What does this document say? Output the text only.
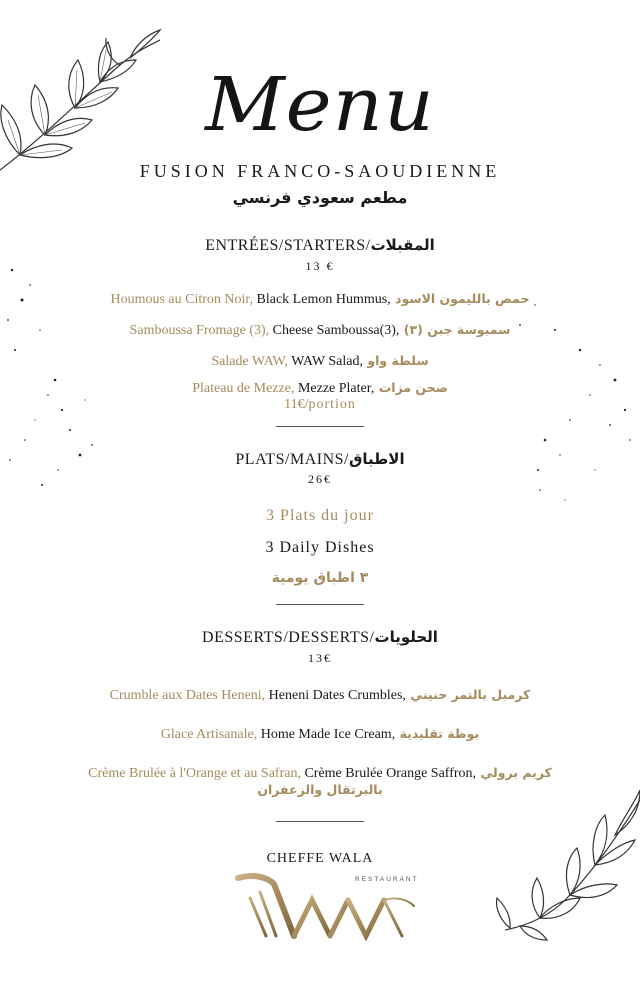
Menu
FUSION FRANCO-SAOUDIENNE
مطعم سعودي فرنسي
ENTRÉES/STARTERS/المقبلات
13 €
Houmous au Citron Noir, Black Lemon Hummus, حمص بالليمون الاسود
Samboussa Fromage (3), Cheese Samboussa(3), سمبوسة جبن (٣)
Salade WAW, WAW Salad, سلطة واو
Plateau de Mezze, Mezze Plater, صحن مزات
11€/portion
PLATS/MAINS/الاطباق
26€
3 Plats du jour
3 Daily Dishes
٣ اطباق يومية
DESSERTS/DESSERTS/الحلويات
13€
Crumble aux Dates Heneni, Heneni Dates Crumbles, كرمبل بالتمر حنيني
Glace Artisanale, Home Made Ice Cream, بوظة تقليدية
Crème Brulée à l'Orange et au Safran, Crème Brulée Orange Saffron, كريم برولي
بالبرتقال والزعفران
CHEFFE WALA
RESTAURANT
